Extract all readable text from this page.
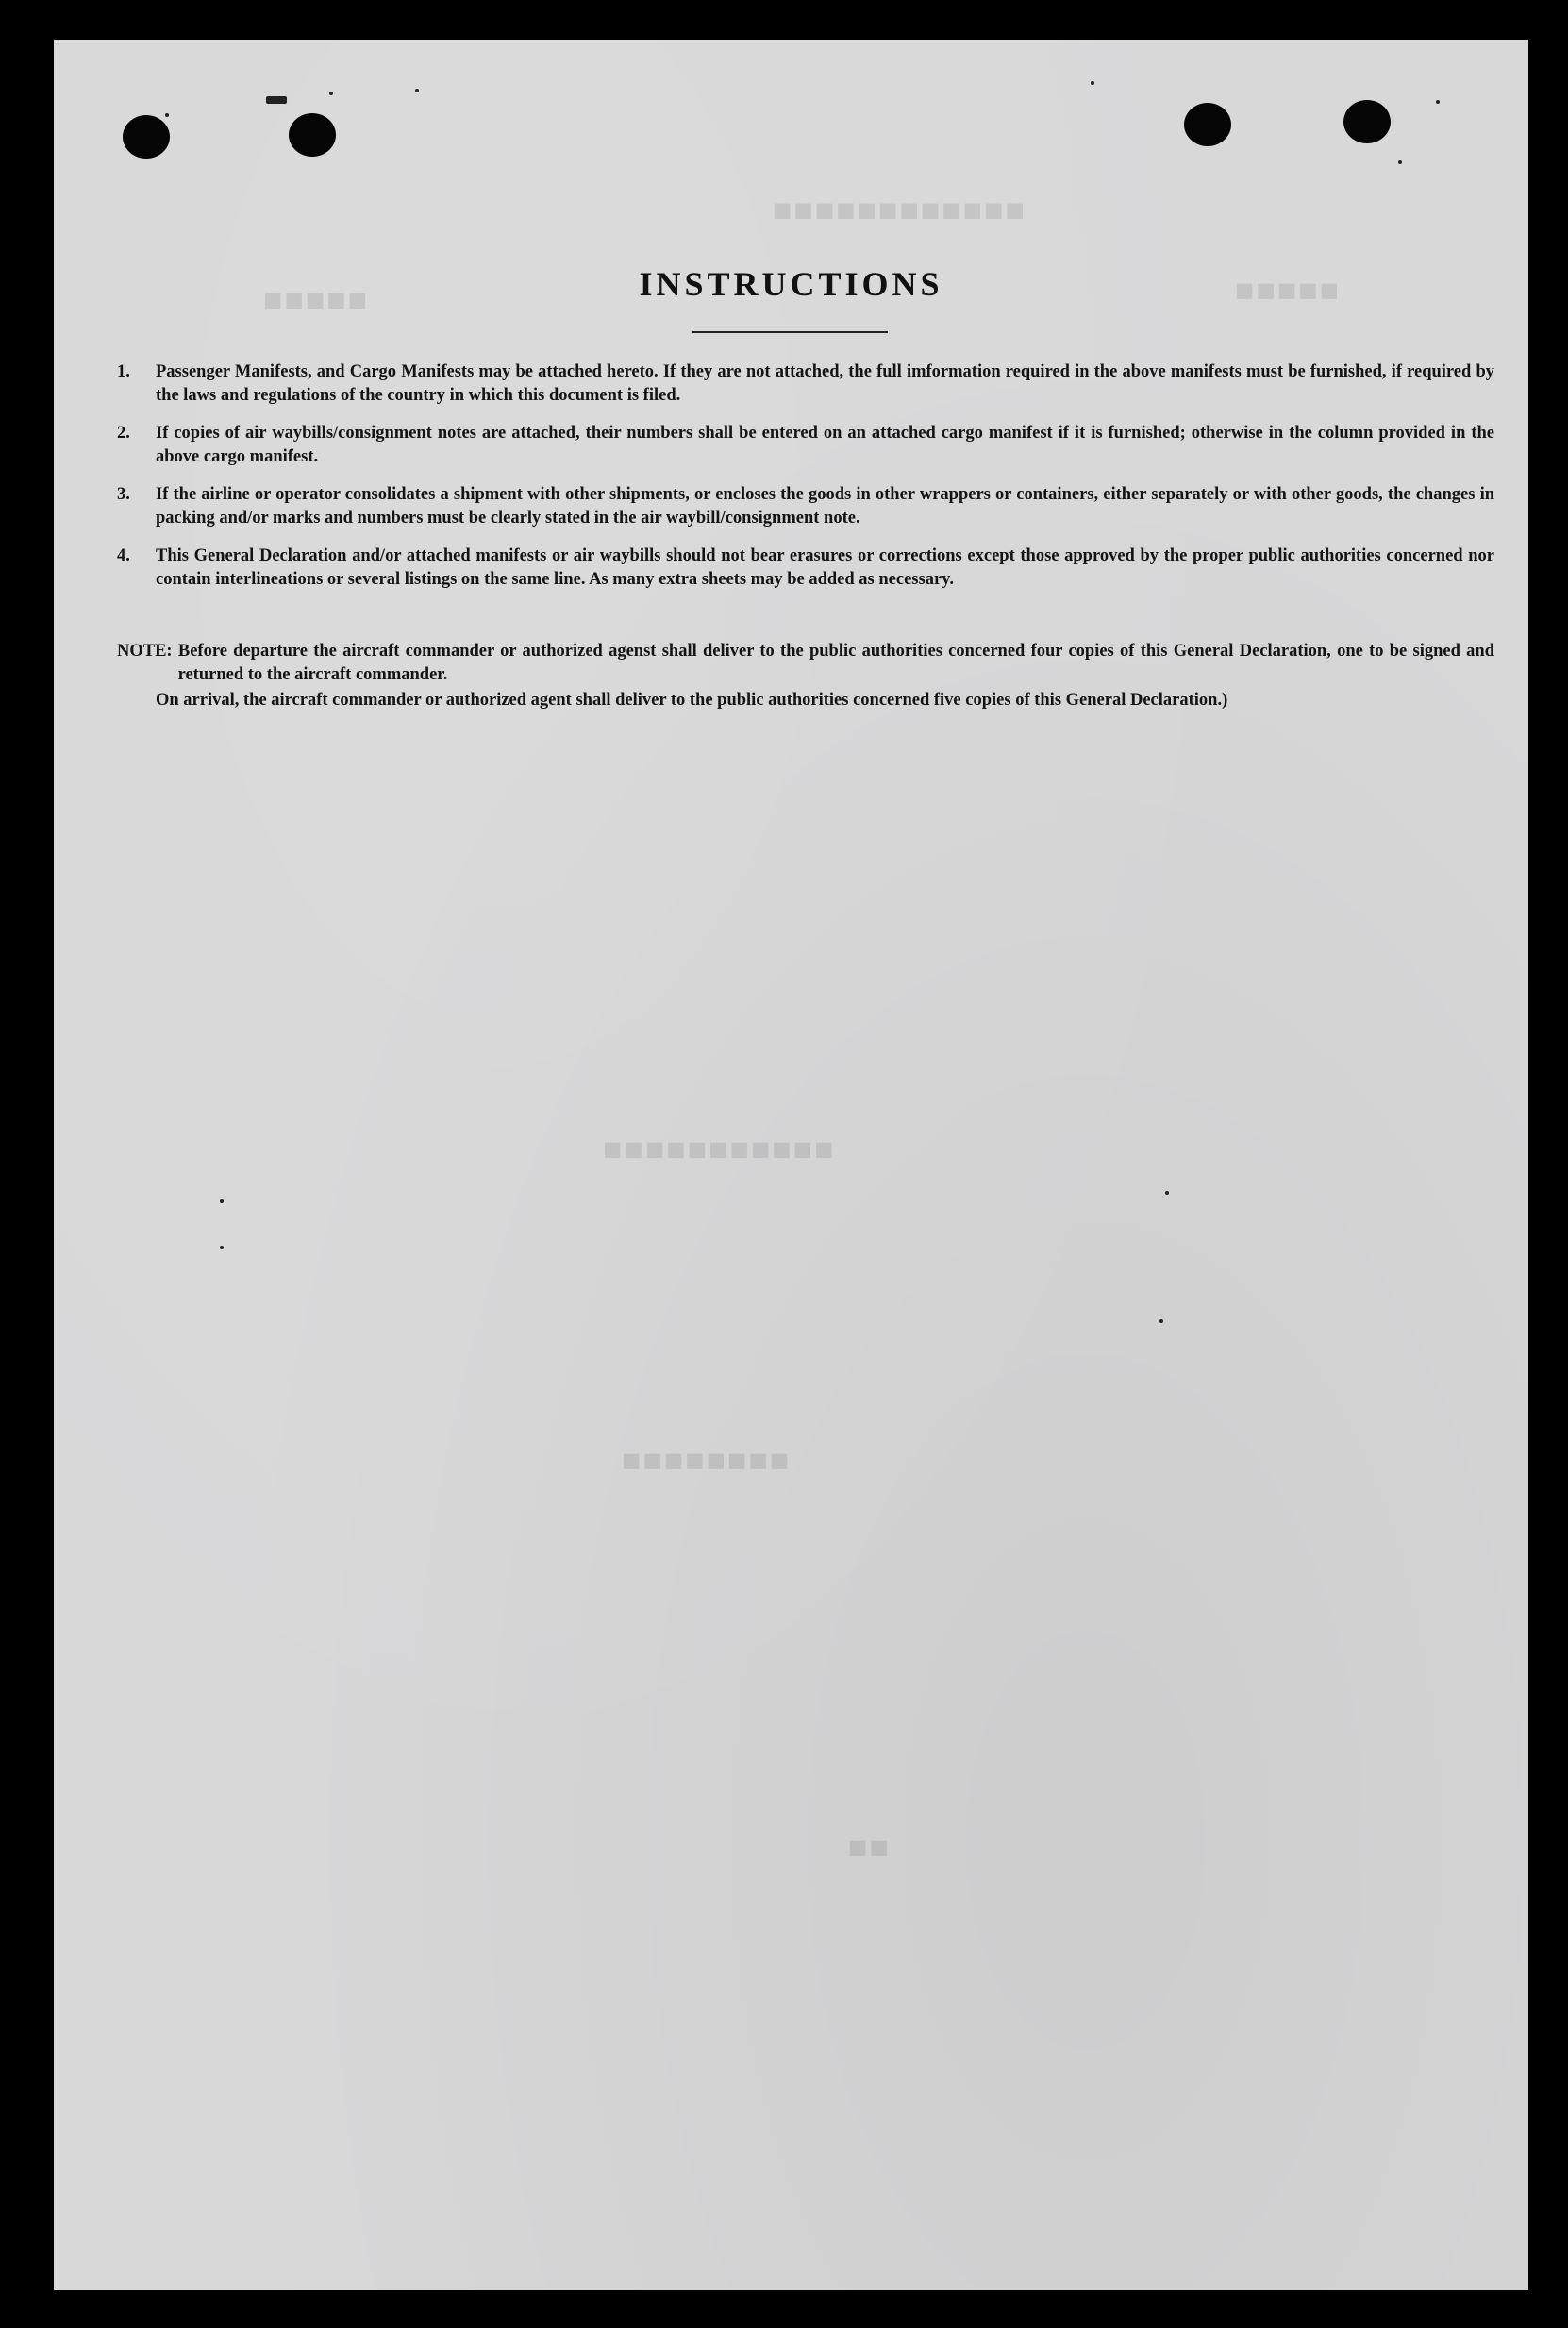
■■■■■■■■■■■■
■■■■■	■■■■■
■■■■■■■■■■■
■■■■■■■■
■■
INSTRUCTIONS
1. Passenger Manifests, and Cargo Manifests may be attached hereto. If they are not attached, the full imformation required in the above manifests must be furnished, if required by the laws and regulations of the country in which this document is filed.
2. If copies of air waybills/consignment notes are attached, their numbers shall be entered on an attached cargo manifest if it is furnished; otherwise in the column provided in the above cargo manifest.
3. If the airline or operator consolidates a shipment with other shipments, or encloses the goods in other wrappers or containers, either separately or with other goods, the changes in packing and/or marks and numbers must be clearly stated in the air waybill/consignment note.
4. This General Declaration and/or attached manifests or air waybills should not bear erasures or corrections except those approved by the proper public authorities concerned nor contain interlineations or several listings on the same line. As many extra sheets may be added as necessary.
NOTE: Before departure the aircraft commander or authorized agenst shall deliver to the public authorities concerned four copies of this General Declaration, one to be signed and returned to the aircraft commander.
On arrival, the aircraft commander or authorized agent shall deliver to the public authorities concerned five copies of this General Declaration.)
